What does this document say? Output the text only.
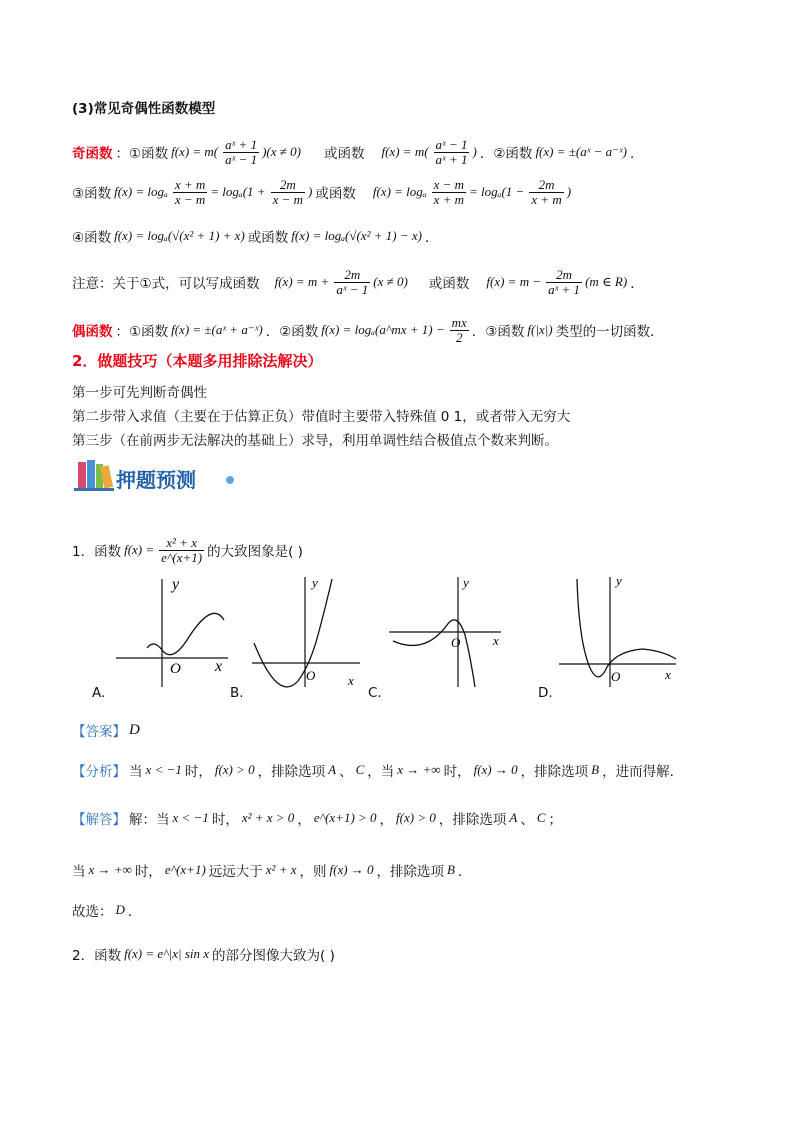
(3)常见奇偶性函数模型
奇函数 ：①函数 $f(x) = m( \frac{\text{aˣ + 1}}{\text{aˣ − 1}} )(x \ne 0)$ 或函数 $f(x) = m( \frac{\text{aˣ − 1}}{\text{aˣ + 1}}$ ) ．②函数 f(x) = ±(aˣ − a⁻ˣ) ．
③函数 f(x) = logₐ $\frac{x + m}{x - m} = \log_a(1 + \frac{2m}{x - m}$ ) 或函数 f(x) = logₐ $\frac{x - m}{x + m} = \log_a(1 - \frac{2m}{x + m}$ )
④函数 f(x) = logₐ(√(x² + 1) + x) 或函数 f(x) = logₐ(√(x² + 1) − x) ．
注意：关于①式，可以写成函数 $f(x) = m + \frac{2m}{\text{aˣ − 1}} (x \ne 0)$ 或函数 $f(x) = m - \frac{2m}{\text{aˣ + 1}} (m$ ∈ R) ．
偶函数 ：①函数 f(x) = ±(aˣ + a⁻ˣ) ．②函数 f(x) = logₐ(a^mx + $1) - \frac{mx}{2}$ ．③函数 f(|x|) 类型的一切函数．
2．做题技巧（本题多用排除法解决）
第一步可先判断奇偶性
第二步带入求值（主要在于估算正负）带值时主要带入特殊值 0 1，或者带入无穷大
第三步（在前两步无法解决的基础上）求导，利用单调性结合极值点个数来判断。
押题预测
1．函数 $f(x) = \frac{\text{x² + x}}{e\^{}(x+1)}$ 的大致图象是( )
y
x
O
y
x
O
y
x
O
y
x
O
A.	B.	C.	D.
【答案】 D
【分析】 当 x < −1 时， f(x) > 0 ，排除选项 A 、 C ，当 x → +∞ 时， f(x) → 0 ，排除选项 B ，进而得解.
【解答】 解：当 x < −1 时， x² + x > 0 ， e^(x+1) > 0 ， f(x) > 0 ，排除选项 A 、 C ；
当 x → +∞ 时， e^(x+1) 远远大于 x² + x ，则 f(x) → 0 ，排除选项 B ．
故选： D ．
2．函数 f(x) = e^|x| sin x 的部分图像大致为( )
